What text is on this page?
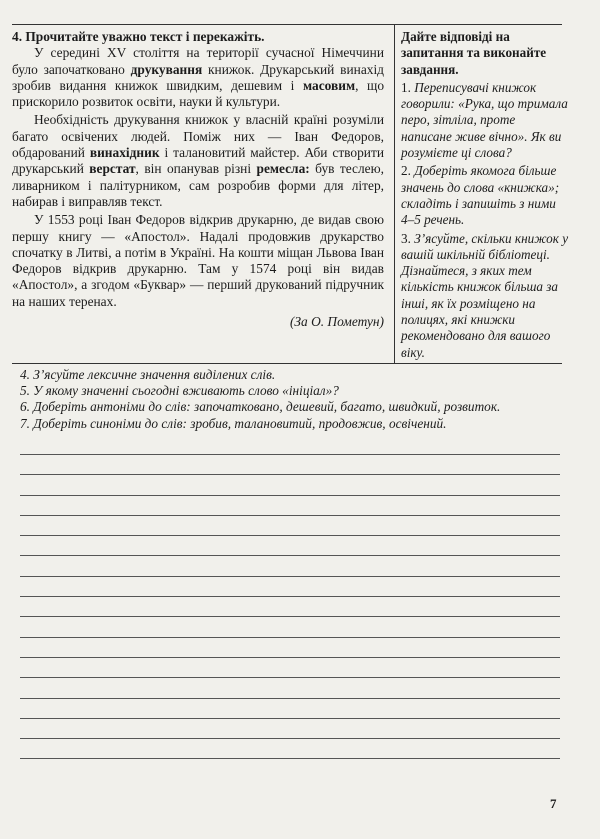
4. Прочитайте уважно текст і перекажіть.

У середині XV століття на території сучасної Німеччини було започатковано друкування книжок. Друкарський винахід зробив видання книжок швидким, дешевим і масовим, що прискорило розвиток освіти, науки й культури.

Необхідність друкування книжок у власній країні розуміли багато освічених людей. Поміж них — Іван Федоров, обдарований винахідник і талановитий майстер. Аби створити друкарський верстат, він опанував різні ремесла: був теслею, ливарником і палітурником, сам розробив форми для літер, набирав і виправляв текст.

У 1553 році Іван Федоров відкрив друкарню, де видав свою першу книгу — «Апостол». Надалі продовжив друкарство спочатку в Литві, а потім в Україні. На кошти міщан Львова Іван Федоров відкрив друкарню. Там у 1574 році він видав «Апостол», а згодом «Буквар» — перший друкований підручник на наших теренах.

(За О. Пометун)
Дайте відповіді на запитання та виконайте завдання.

1. Переписувачі книжок говорили: «Рука, що тримала перо, зітліла, проте написане живе вічно». Як ви розумієте ці слова?

2. Доберіть якомога більше значень до слова «книжка»; складіть і запишіть з ними 4–5 речень.

3. З’ясуйте, скільки книжок у вашій шкільній бібліотеці. Дізнайтеся, з яких тем кількість книжок більша за інші, як їх розміщено на полицях, які книжки рекомендовано для вашого віку.

4. З’ясуйте лексичне значення виділених слів.

5. У якому значенні сьогодні вживають слово «ініціал»?

6. Доберіть антоніми до слів: започатковано, дешевий, багато, швидкий, розвиток.

7. Доберіть синоніми до слів: зробив, талановитий, продовжив, освічений.

7
